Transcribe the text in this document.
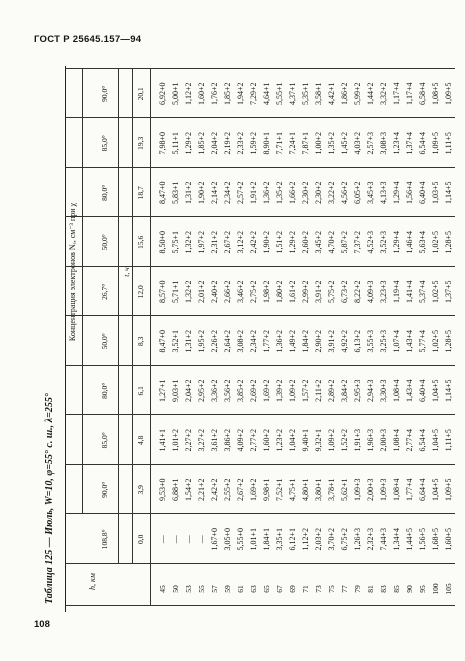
ГОСТ Р 25645.157—94
Таблица 125 — Июль, W=10, φ=55° с. ш., λ=255°	h, км
Концентрация электронов Nₑ, см⁻³ при χ	t, ч
108,8°
90,0°
85,0°
80,0°
50,0°
26,7°
50,0°
80,0°
85,0°
90,0°
0,0
3,9
4,8
6,1
8,3
12,0
15,6
18,7
19,3
20,1
45
—
9,53+0
1,41+1
1,27+1
8,47+0
8,57+0
8,50+0
8,47+0
7,98+0
6,92+0
50
—
6,88+1
1,01+2
9,03+1
3,52+1
5,71+1
5,75+1
5,83+1
5,11+1
5,00+1
53
—
1,54+2
2,27+2
2,04+2
1,31+2
1,32+2
1,32+2
1,31+2
1,29+2
1,12+2
55
—
2,21+2
3,27+2
2,95+2
1,95+2
2,01+2
1,97+2
1,90+2
1,85+2
1,60+2
57
1,67+0
2,42+2
3,61+2
3,36+2
2,26+2
2,40+2
2,31+2
2,14+2
2,04+2
1,76+2
59
3,05+0
2,55+2
3,86+2
3,56+2
2,64+2
2,66+2
2,67+2
2,34+2
2,19+2
1,85+2
61
5,55+0
2,67+2
4,09+2
3,85+2
3,08+2
3,46+2
3,12+2
2,57+2
2,33+2
1,94+2
63
1,01+1
1,69+2
2,77+2
2,69+2
2,34+2
2,75+2
2,42+2
1,91+2
1,59+2
7,29+2
65
1,84+1
9,98+1
1,60+2
1,69+2
1,77+2
1,98+2
1,90+2
1,36+2
8,90+1
4,64+1
67
3,35+1
7,52+1
1,23+2
1,39+2
1,36+2
1,80+2
1,51+2
1,35+2
7,71+1
5,55+1
69
6,12+1
4,75+1
1,04+2
1,09+2
1,49+2
1,61+2
1,29+2
1,66+2
7,24+1
4,37+1
71
1,12+2
4,80+1
9,40+1
1,57+2
1,84+2
2,99+2
2,60+2
2,30+2
7,87+1
5,35+1
73
2,03+2
3,80+1
9,32+1
2,11+2
2,90+2
3,91+2
3,45+2
2,30+2
1,00+2
3,58+1
75
3,70+2
3,78+1
1,09+2
2,89+2
3,91+2
5,75+2
4,70+2
3,22+2
1,35+2
4,42+1
77
6,75+2
5,62+1
1,52+2
3,84+2
4,92+2
6,73+2
5,87+2
4,56+2
1,45+2
1,86+2
79
1,26+3
1,09+3
1,91+3
2,95+3
6,13+2
8,22+2
7,37+2
6,05+2
4,03+2
5,99+2
81
2,32+3
2,00+3
1,96+3
2,94+3
3,55+3
4,09+3
4,52+3
3,45+3
2,57+3
1,44+2
83
7,44+3
1,09+3
2,00+3
3,30+3
3,25+3
3,23+3
3,52+3
4,13+3
3,08+3
3,32+2
85
1,34+4
1,08+4
1,08+4
1,08+4
1,07+4
1,19+4
1,29+4
1,29+4
1,23+4
1,17+4
90
1,44+5
1,77+4
2,77+4
1,43+4
1,43+4
1,41+4
1,46+4
1,56+4
1,37+4
1,17+4
95
1,56+5
6,64+4
6,54+4
6,40+4
5,77+4
5,37+4
5,63+4
6,40+4
6,54+4
6,58+4
100
1,68+5
1,04+5
1,04+5
1,04+5
1,02+5
1,02+5
1,02+5
1,03+5
1,09+5
1,08+5
105
1,60+5
1,09+5
1,11+5
1,14+5
1,28+5
1,37+5
1,28+5
1,14+5
1,11+5
1,09+5
108
